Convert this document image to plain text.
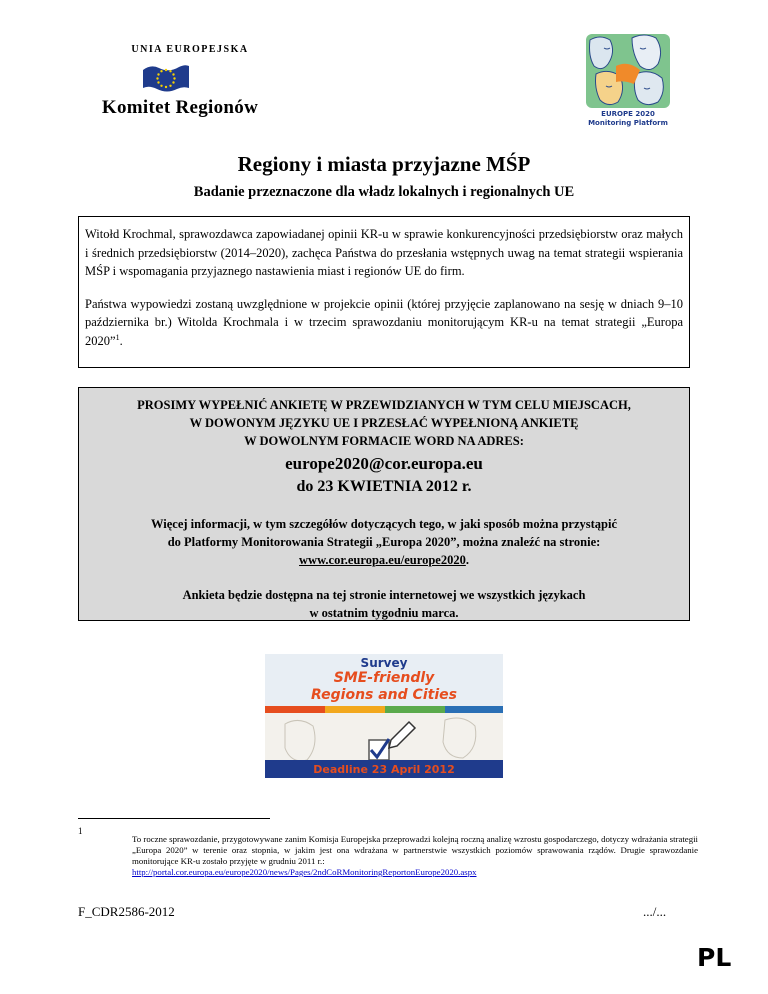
UNIA EUROPEJSKA
Komitet Regionów	EUROPE 2020
Monitoring Platform
Regiony i miasta przyjazne MŚP
Badanie przeznaczone dla władz lokalnych i regionalnych UE

Witołd Krochmal, sprawozdawca zapowiadanej opinii KR-u w sprawie konkurencyjności przedsiębiorstw oraz małych i średnich przedsiębiorstw (2014–2020), zachęca Państwa do przesłania wstępnych uwag na temat strategii wspierania MŚP i wspomagania przyjaznego nastawienia miast i regionów UE do firm.

Państwa wypowiedzi zostaną uwzględnione w projekcie opinii (której przyjęcie zaplanowano na sesję w dniach 9–10 października br.) Witolda Krochmala i w trzecim sprawozdaniu monitorującym KR-u na temat strategii „Europa 2020”$^1$.

PROSIMY WYPEŁNIĆ ANKIETĘ W PRZEWIDZIANYCH W TYM CELU MIEJSCACH,
W DOWONYM JĘZYKU UE I PRZESŁAĆ WYPEŁNIONĄ ANKIETĘ
W DOWOLNYM FORMACIE WORD NA ADRES:
europe2020@cor.europa.eu
do 23 KWIETNIA 2012 r.
Więcej informacji, w tym szczegółów dotyczących tego, w jaki sposób można przystąpić
do Platformy Monitorowania Strategii „Europa 2020”, można znaleźć na stronie:
www.cor.europa.eu/europe2020.
Ankieta będzie dostępna na tej stronie internetowej we wszystkich językach
w ostatnim tygodniu marca.
Survey
SME-friendly
Regions and Cities
Deadline 23 April 2012
1
To roczne sprawozdanie, przygotowywane zanim Komisja Europejska przeprowadzi kolejną roczną analizę wzrostu gospodarczego, dotyczy wdrażania strategii „Europa 2020” w terenie oraz stopnia, w jakim jest ona wdrażana w partnerstwie wszystkich poziomów sprawowania rządów. Drugie sprawozdanie monitorujące KR-u zostało przyjęte w grudniu 2011 r.:
http://portal.cor.europa.eu/europe2020/news/Pages/2ndCoRMonitoringReportonEurope2020.aspx
F_CDR2586-2012	.../...
PL
